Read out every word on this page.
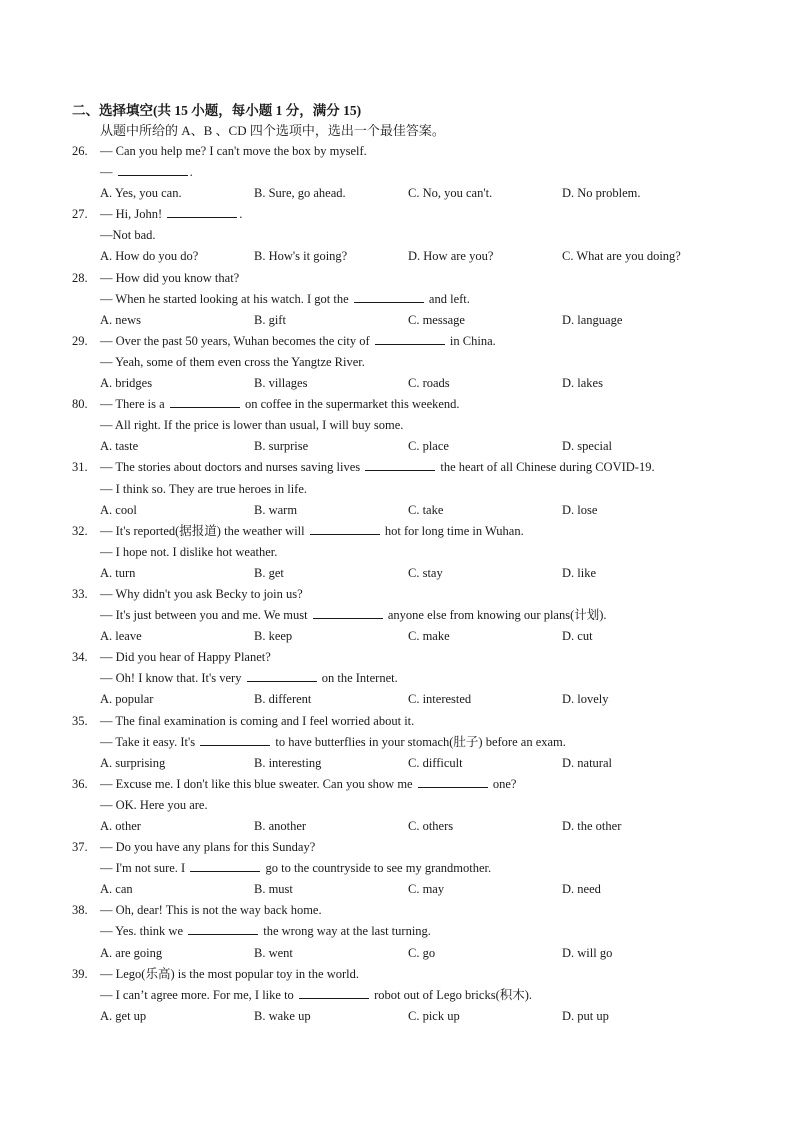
二、选择填空(共 15 小题，每小题 1 分，满分 15)
从题中所给的 A、B 、CD 四个选项中，选出一个最佳答案。
26. — Can you help me? I can't move the box by myself.
—	.
A. Yes, you can.	B. Sure, go ahead.	C. No, you can't.	D. No problem.
27. — Hi, John!	.
—Not bad.
A. How do you do?	B. How's it going?	D. How are you?	C. What are you doing?
28. — How did you know that?
— When he started looking at his watch. I got the	and left.
A. news	B. gift	C. message	D. language
29. — Over the past 50 years, Wuhan becomes the city of	in China.
— Yeah, some of them even cross the Yangtze River.
A. bridges	B. villages	C. roads	D. lakes
80. — There is a	on coffee in the supermarket this weekend.
— All right. If the price is lower than usual, I will buy some.
A. taste	B. surprise	C. place	D. special
31. — The stories about doctors and nurses saving lives	the heart of all Chinese during COVID-19.
— I think so. They are true heroes in life.
A. cool	B. warm	C. take	D. lose
32. — It's reported(据报道) the weather will	hot for long time in Wuhan.
— I hope not. I dislike hot weather.
A. turn	B. get	C. stay	D. like
33. — Why didn't you ask Becky to join us?
— It's just between you and me. We must	anyone else from knowing our plans(计划).
A. leave	B. keep	C. make	D. cut
34. — Did you hear of Happy Planet?
— Oh! I know that. It's very	on the Internet.
A. popular	B. different	C. interested	D. lovely
35. — The final examination is coming and I feel worried about it.
— Take it easy. It's	to have butterflies in your stomach(肚子) before an exam.
A. surprising	B. interesting	C. difficult	D. natural
36. — Excuse me. I don't like this blue sweater. Can you show me	one?
— OK. Here you are.
A. other	B. another	C. others	D. the other
37. — Do you have any plans for this Sunday?
— I'm not sure. I	go to the countryside to see my grandmother.
A. can	B. must	C. may	D. need
38. — Oh, dear! This is not the way back home.
— Yes. think we	the wrong way at the last turning.
A. are going	B. went	C. go	D. will go
39. — Lego(乐高) is the most popular toy in the world.
— I can’t agree more. For me, I like to	robot out of Lego bricks(积木).
A. get up	B. wake up	C. pick up	D. put up
